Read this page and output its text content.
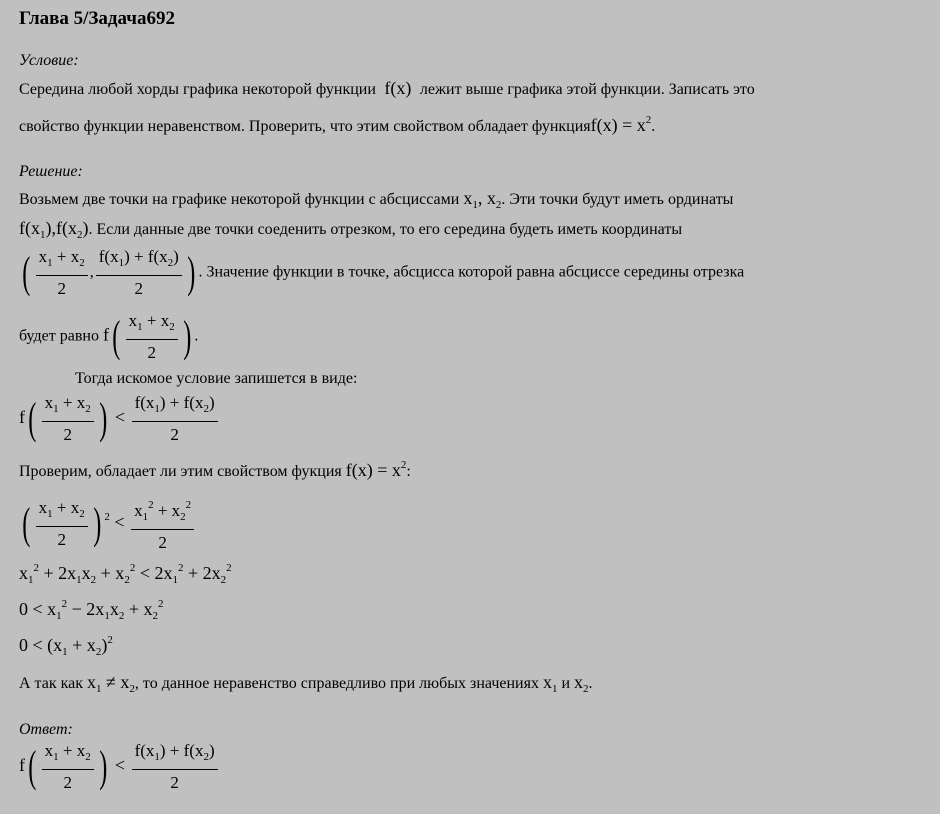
Глава 5/Задача692
Условие:
Середина любой хорды графика некоторой функции  f(x)  лежит выше графика этой функции. Записать это
свойство функции неравенством. Проверить, что этим свойством обладает функцияf(x) = $x^2$.
Решение:
Возьмем две точки на графике некоторой функции с абсциссами $x_1$, $x_2$. Эти точки будут иметь ординаты
$f(x_1),f(x_2)$. Если данные две точки соеденить отрезком, то его середина будеть иметь координаты
( $\frac{x_1 + x_2}{2}$ , $\frac{f(x_1) + f(x_2)}{2}$ ) . Значение функции в точке, абсцисса которой равна абсциссе середины отрезка
будет равно $f( \frac{x_1 + x_2}{2}$ ) .
Тогда искомое условие запишется в виде:
$f( \frac{x_1 + x_2}{2}$ ) < $\frac{f(x_1) + f(x_2)}{2}$
Проверим, обладает ли этим свойством фукция $f(x) = x^2$:
( $\frac{x_1 + x_2}{2}$ ) $^2 < \frac{x_1^2 + x_2^2}{2}$
$x_1^2 + 2x_1x_2 + x_2^2 < 2x_1^2 + 2x_2^2$
$0 < x_1^2 - 2x_1x_2 + x_2^2$
$0 < (x_1 + x_2)^2$
А так как $x_1 \ne x_2$, то данное неравенство справедливо при любых значениях $x_1$ и $x_2$.
Ответ:
$f( \frac{x_1 + x_2}{2}$ ) < $\frac{f(x_1) + f(x_2)}{2}$
